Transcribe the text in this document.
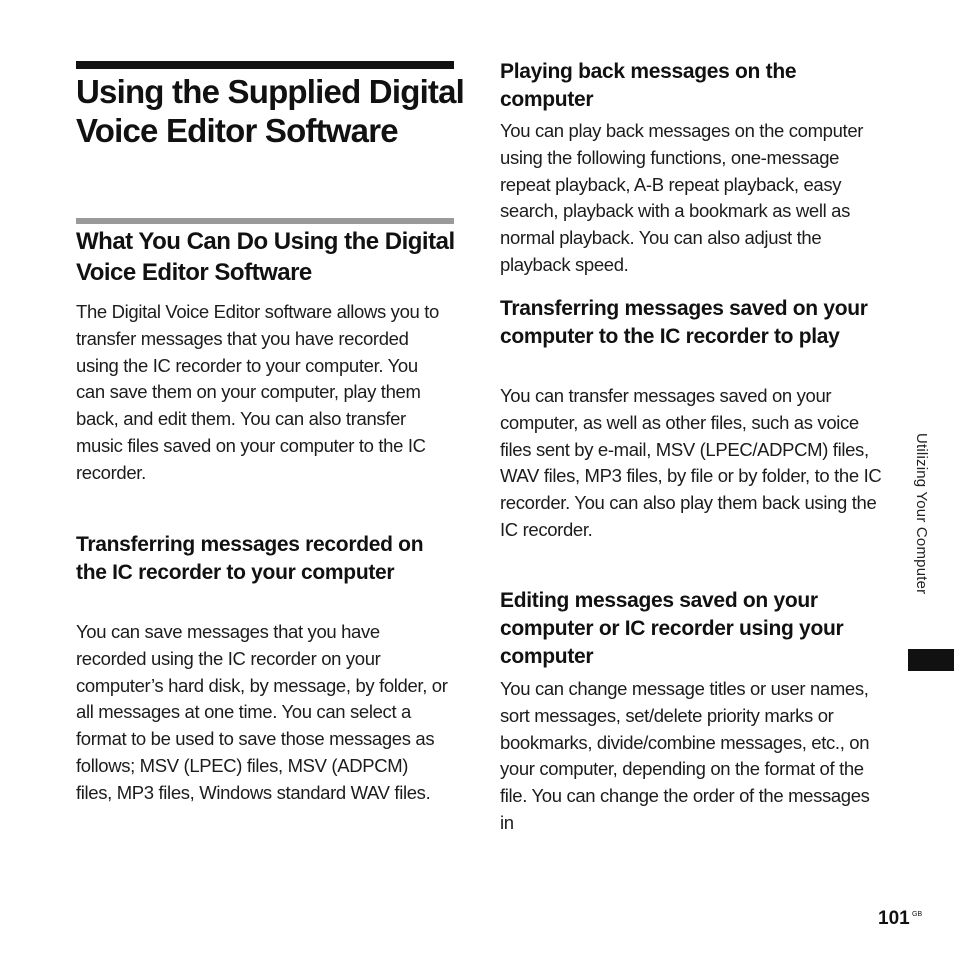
Using the Supplied Digital Voice Editor Software
What You Can Do Using the Digital Voice Editor Software

The Digital Voice Editor software allows you to transfer messages that you have recorded using the IC recorder to your computer. You can save them on your computer, play them back, and edit them. You can also transfer music files saved on your computer to the IC recorder.

Transferring messages recorded on the IC recorder to your computer

You can save messages that you have recorded using the IC recorder on your computer’s hard disk, by message, by folder, or all messages at one time. You can select a format to be used to save those messages as follows; MSV (LPEC) files, MSV (ADPCM) files, MP3 files, Windows standard WAV files.

Playing back messages on the computer

You can play back messages on the computer using the following functions, one-message repeat playback, A-B repeat playback, easy search, playback with a bookmark as well as normal playback. You can also adjust the playback speed.

Transferring messages saved on your computer to the IC recorder to play

You can transfer messages saved on your computer, as well as other files, such as voice files sent by e-mail, MSV (LPEC/ADPCM) files, WAV files, MP3 files, by file or by folder, to the IC recorder. You can also play them back using the IC recorder.

Editing messages saved on your computer or IC recorder using your computer

You can change message titles or user names, sort messages, set/delete priority marks or bookmarks, divide/combine messages, etc., on your computer, depending on the format of the file. You can change the order of the messages in

Utilizing Your Computer
101 GB
